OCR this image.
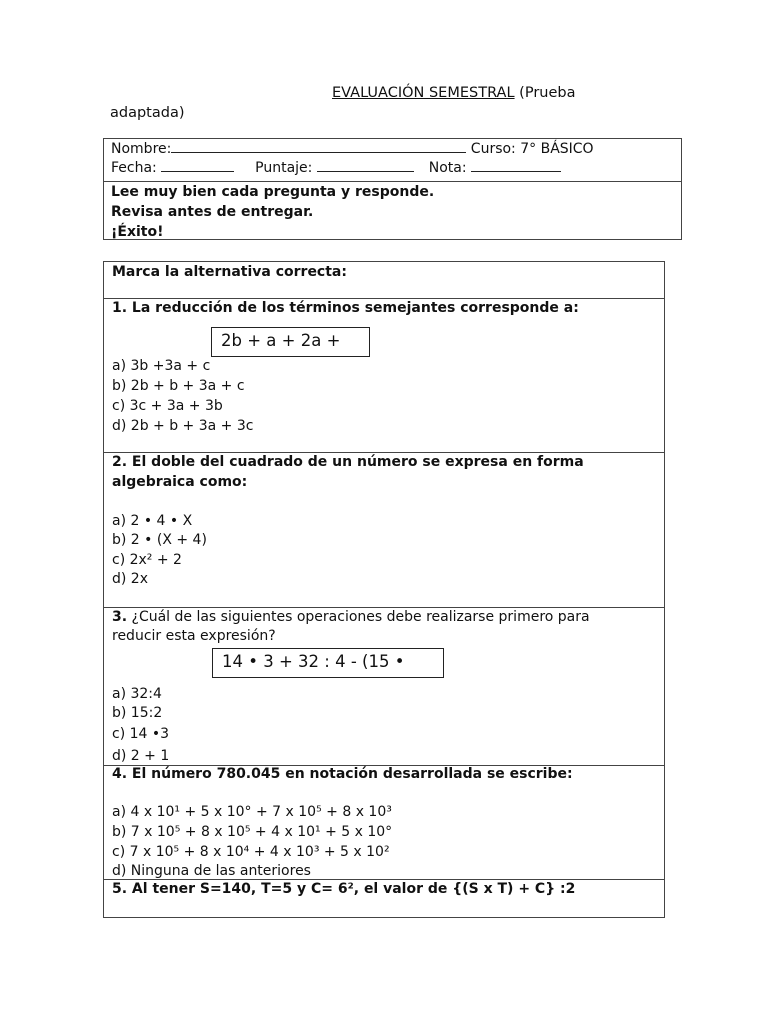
EVALUACIÓN SEMESTRAL (Prueba
adaptada)
Nombre:	Curso: 7° BÁSICO
Fecha:	Puntaje:	Nota:
Lee muy bien cada pregunta y responde.
Revisa antes de entregar.
¡Éxito!
Marca la alternativa correcta:
1. La reducción de los términos semejantes corresponde a:
2b + a + 2a +
a) 3b +3a + c
b) 2b + b + 3a + c
c) 3c + 3a + 3b
d) 2b + b + 3a + 3c
2. El doble del cuadrado de un número se expresa en forma
algebraica como:
a) 2 • 4 • X
b) 2 • (X + 4)
c) 2x² + 2
d) 2x
3. ¿Cuál de las siguientes operaciones debe realizarse primero para
reducir esta expresión?
14 • 3 + 32 : 4 - (15 •
a) 32:4
b) 15:2
c) 14 •3
d) 2 + 1
4. El número 780.045 en notación desarrollada se escribe:
a) 4 x 10¹ + 5 x 10° + 7 x 10⁵ + 8 x 10³
b) 7 x 10⁵ + 8 x 10⁵ + 4 x 10¹ + 5 x 10°
c) 7 x 10⁵ + 8 x 10⁴ + 4 x 10³ + 5 x 10²
d) Ninguna de las anteriores
5. Al tener S=140, T=5 y C= 6², el valor de {(S x T) + C} :2
